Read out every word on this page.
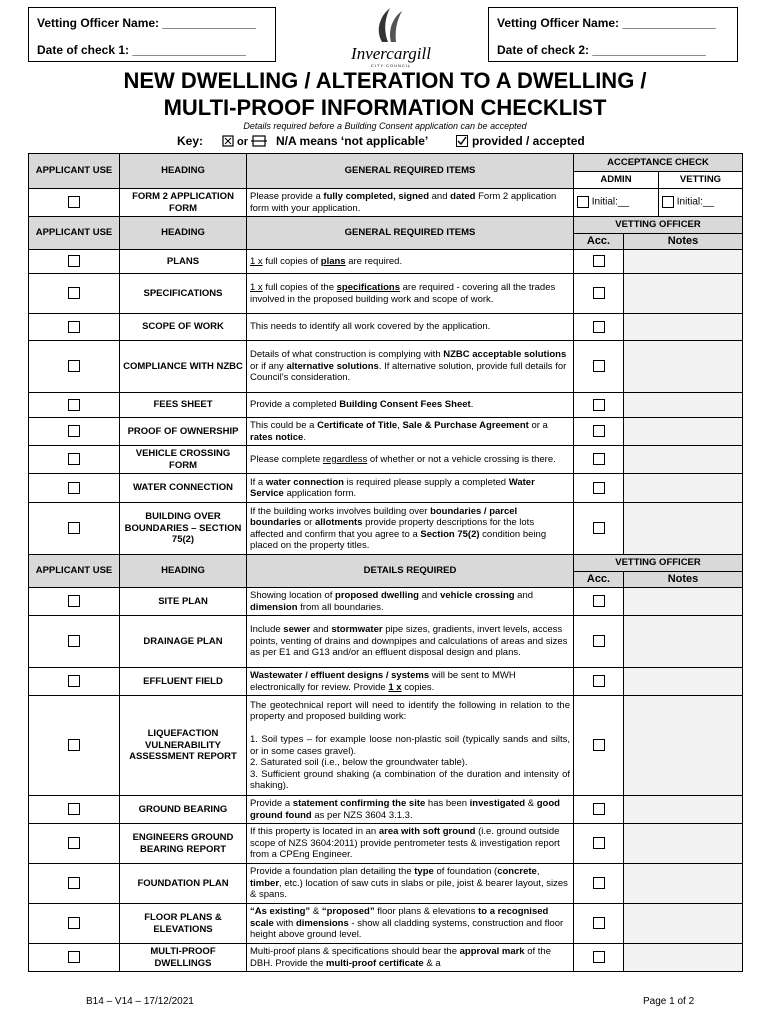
Vetting Officer Name: ______________
Date of check 1: _________________	Invercargill
CITY COUNCIL
Vetting Officer Name: ______________
Date of check 2: _________________
NEW DWELLING / ALTERATION TO A DWELLING /
MULTI-PROOF INFORMATION CHECKLIST
Details required before a Building Consent application can be accepted
Key:	or N/A means ‘not applicable’	provided / accepted
APPLICANT USE	HEADING	GENERAL REQUIRED ITEMS	ACCEPTANCE CHECK		
			ADMIN		VETTING
	FORM 2 APPLICATION FORM	Please provide a fully completed, signed and dated Form 2 application form with your application.	Initial:__		Initial:__
APPLICANT USE	HEADING	GENERAL REQUIRED ITEMS	VETTING OFFICER		
			Acc.	Notes	
	PLANS	1 x full copies of plans are required.			
	SPECIFICATIONS	1 x full copies of the specifications are required - covering all the trades involved in the proposed building work and scope of work.			
	SCOPE OF WORK	This needs to identify all work covered by the application.			
	COMPLIANCE WITH NZBC	Details of what construction is complying with NZBC acceptable solutions or if any alternative solutions. If alternative solution, provide full details for Council’s consideration.			
	FEES SHEET	Provide a completed Building Consent Fees Sheet.			
	PROOF OF OWNERSHIP	This could be a Certificate of Title, Sale & Purchase Agreement or a rates notice.			
	VEHICLE CROSSING FORM	Please complete regardless of whether or not a vehicle crossing is there.			
	WATER CONNECTION	If a water connection is required please supply a completed Water Service application form.			
	BUILDING OVER BOUNDARIES – SECTION 75(2)	If the building works involves building over boundaries / parcel boundaries or allotments provide property descriptions for the lots affected and confirm that you agree to a Section 75(2) condition being placed on the property titles.			
APPLICANT USE	HEADING	DETAILS REQUIRED	VETTING OFFICER		
			Acc.	Notes	
	SITE PLAN	Showing location of proposed dwelling and vehicle crossing and dimension from all boundaries.			
	DRAINAGE PLAN	Include sewer and stormwater pipe sizes, gradients, invert levels, access points, venting of drains and downpipes and calculations of areas and sizes as per E1 and G13 and/or an effluent disposal design and plans.			
	EFFLUENT FIELD	Wastewater / effluent designs / systems will be sent to MWH electronically for review. Provide 1 x copies.			
	LIQUEFACTION VULNERABILITY ASSESSMENT REPORT	The geotechnical report will need to identify the following in relation to the property and proposed building work:

1. Soil types – for example loose non-plastic soil (typically sands and silts, or in some cases gravel).
2. Saturated soil (i.e., below the groundwater table).
3. Sufficient ground shaking (a combination of the duration and intensity of shaking).			
	GROUND BEARING	Provide a statement confirming the site has been investigated & good ground found as per NZS 3604 3.1.3.			
	ENGINEERS GROUND BEARING REPORT	If this property is located in an area with soft ground (i.e. ground outside scope of NZS 3604:2011) provide pentrometer tests & investigation report from a CPEng Engineer.			
	FOUNDATION PLAN	Provide a foundation plan detailing the type of foundation (concrete, timber, etc.) location of saw cuts in slabs or pile, joist & bearer layout, sizes & spans.			
	FLOOR PLANS & ELEVATIONS	“As existing” & “proposed” floor plans & elevations to a recognised scale with dimensions - show all cladding systems, construction and floor height above ground level.			
	MULTI-PROOF DWELLINGS	Multi-proof plans & specifications should bear the approval mark of the DBH. Provide the multi-proof certificate & a			
B14 – V14 – 17/12/2021	Page 1 of 2
